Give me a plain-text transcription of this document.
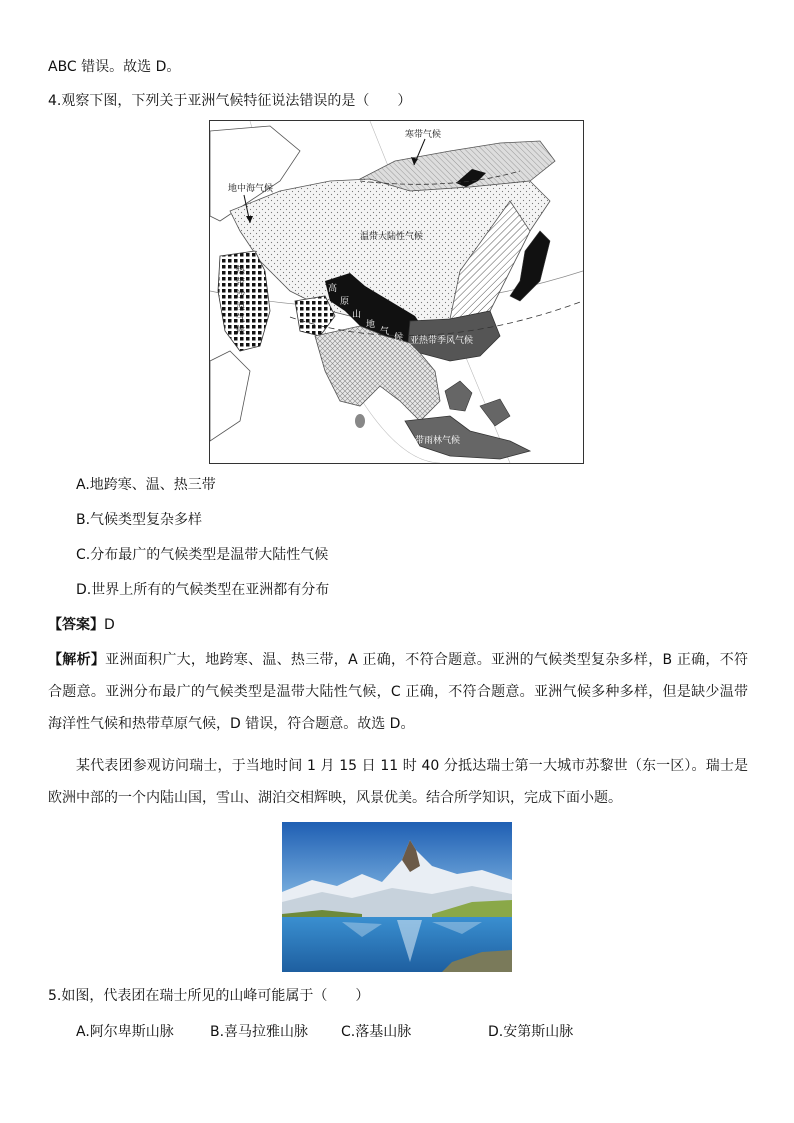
ABC 错误。故选 D。
4.观察下图，下列关于亚洲气候特征说法错误的是（　　）
寒带气候
地中海气候
温带大陆性气候
高
原
山
地
气
候
热
带
沙
漠
气
候
亚热带季风气候
热带雨林气候
A.地跨寒、温、热三带
B.气候类型复杂多样
C.分布最广的气候类型是温带大陆性气候
D.世界上所有的气候类型在亚洲都有分布
【答案】D
【解析】亚洲面积广大，地跨寒、温、热三带，A 正确，不符合题意。亚洲的气候类型复杂多样，B 正确，不符合题意。亚洲分布最广的气候类型是温带大陆性气候，C 正确，不符合题意。亚洲气候多种多样，但是缺少温带海洋性气候和热带草原气候，D 错误，符合题意。故选 D。
某代表团参观访问瑞士，于当地时间 1 月 15 日 11 时 40 分抵达瑞士第一大城市苏黎世（东一区）。瑞士是欧洲中部的一个内陆山国，雪山、湖泊交相辉映，风景优美。结合所学知识，完成下面小题。
5.如图，代表团在瑞士所见的山峰可能属于（　　）
A.阿尔卑斯山脉	B.喜马拉雅山脉 C.落基山脉	D.安第斯山脉
